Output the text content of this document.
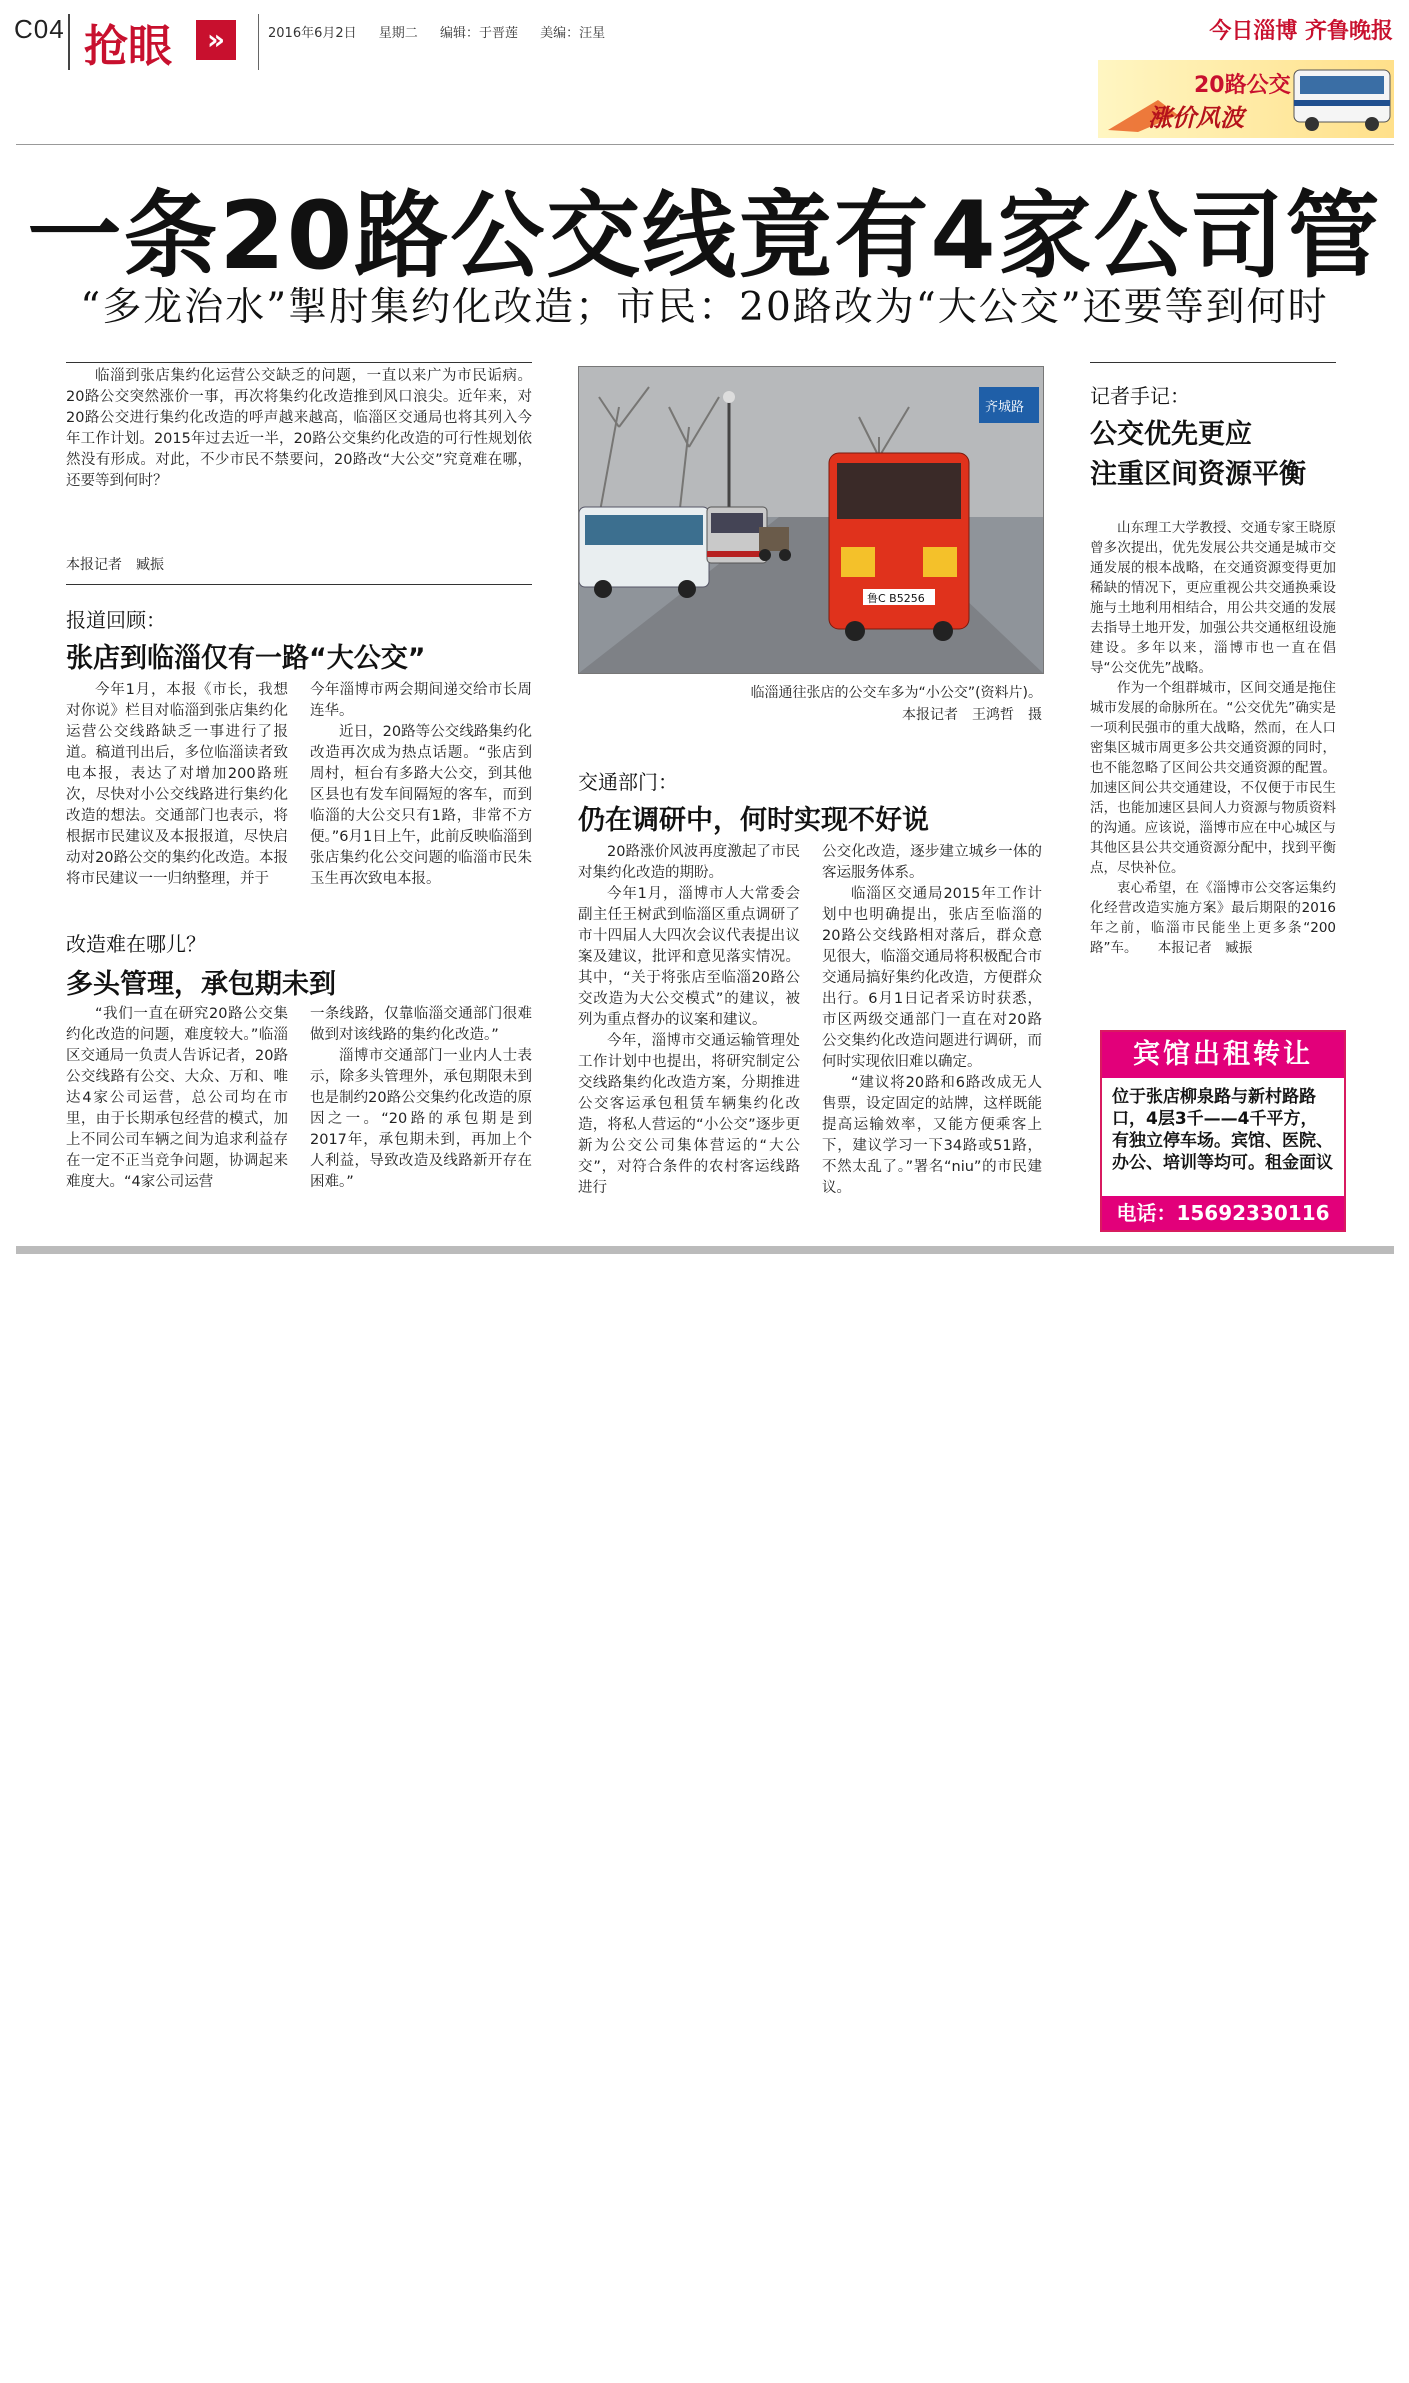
C04 抢眼	»	2016年6月2日 星期二 编辑：于晋莲 美编：汪星	今日淄博 齐鲁晚报
20路公交
涨价风波
一条20路公交线竟有4家公司管
“多龙治水”掣肘集约化改造；市民：20路改为“大公交”还要等到何时

临淄到张店集约化运营公交缺乏的问题，一直以来广为市民诟病。20路公交突然涨价一事，再次将集约化改造推到风口浪尖。近年来，对20路公交进行集约化改造的呼声越来越高，临淄区交通局也将其列入今年工作计划。2015年过去近一半，20路公交集约化改造的可行性规划依然没有形成。对此，不少市民不禁要问，20路改“大公交”究竟难在哪，还要等到何时？

本报记者　臧振
报道回顾：
张店到临淄仅有一路“大公交”

今年1月，本报《市长，我想对你说》栏目对临淄到张店集约化运营公交线路缺乏一事进行了报道。稿道刊出后，多位临淄读者致电本报，表达了对增加200路班次，尽快对小公交线路进行集约化改造的想法。交通部门也表示，将根据市民建议及本报报道，尽快启动对20路公交的集约化改造。本报将市民建议一一归纳整理，并于

今年淄博市两会期间递交给市长周连华。

近日，20路等公交线路集约化改造再次成为热点话题。“张店到周村，桓台有多路大公交，到其他区县也有发车间隔短的客车，而到临淄的大公交只有1路，非常不方便。”6月1日上午，此前反映临淄到张店集约化公交问题的临淄市民朱玉生再次致电本报。

改造难在哪儿？
多头管理，承包期未到

“我们一直在研究20路公交集约化改造的问题，难度较大。”临淄区交通局一负责人告诉记者，20路公交线路有公交、大众、万和、唯达4家公司运营，总公司均在市里，由于长期承包经营的模式，加上不同公司车辆之间为追求利益存在一定不正当竞争问题，协调起来难度大。“4家公司运营

一条线路，仅靠临淄交通部门很难做到对该线路的集约化改造。”

淄博市交通部门一业内人士表示，除多头管理外，承包期限未到也是制约20路公交集约化改造的原因之一。“20路的承包期是到2017年，承包期未到，再加上个人利益，导致改造及线路新开存在困难。”

齐城路
鲁C B5256
临淄通往张店的公交车多为“小公交”(资料片)。
本报记者　王鸿哲　摄
交通部门：
仍在调研中，何时实现不好说

20路涨价风波再度激起了市民对集约化改造的期盼。

今年1月，淄博市人大常委会副主任王树武到临淄区重点调研了市十四届人大四次会议代表提出议案及建议，批评和意见落实情况。其中，“关于将张店至临淄20路公交改造为大公交模式”的建议，被列为重点督办的议案和建议。

今年，淄博市交通运输管理处工作计划中也提出，将研究制定公交线路集约化改造方案，分期推进公交客运承包租赁车辆集约化改造，将私人营运的“小公交”逐步更新为公交公司集体营运的“大公交”，对符合条件的农村客运线路进行

公交化改造，逐步建立城乡一体的客运服务体系。

临淄区交通局2015年工作计划中也明确提出，张店至临淄的20路公交线路相对落后，群众意见很大，临淄交通局将积极配合市交通局搞好集约化改造，方便群众出行。6月1日记者采访时获悉，市区两级交通部门一直在对20路公交集约化改造问题进行调研，而何时实现依旧难以确定。

“建议将20路和6路改成无人售票，设定固定的站牌，这样既能提高运输效率，又能方便乘客上下，建议学习一下34路或51路，不然太乱了。”署名“niu”的市民建议。

记者手记：
公交优先更应
注重区间资源平衡

山东理工大学教授、交通专家王晓原曾多次提出，优先发展公共交通是城市交通发展的根本战略，在交通资源变得更加稀缺的情况下，更应重视公共交通换乘设施与土地利用相结合，用公共交通的发展去指导土地开发，加强公共交通枢纽设施建设。多年以来，淄博市也一直在倡导“公交优先”战略。

作为一个组群城市，区间交通是拖住城市发展的命脉所在。“公交优先”确实是一项利民强市的重大战略，然而，在人口密集区城市周更多公共交通资源的同时，也不能忽略了区间公共交通资源的配置。加速区间公共交通建设，不仅便于市民生活，也能加速区县间人力资源与物质资料的沟通。应该说，淄博市应在中心城区与其他区县公共交通资源分配中，找到平衡点，尽快补位。

衷心希望，在《淄博市公交客运集约化经营改造实施方案》最后期限的2016年之前，临淄市民能坐上更多条“200路”车。　　本报记者　臧振

宾馆出租转让
位于张店柳泉路与新村路路口，4层3千——4千平方，有独立停车场。宾馆、医院、办公、培训等均可。租金面议
电话：15692330116
